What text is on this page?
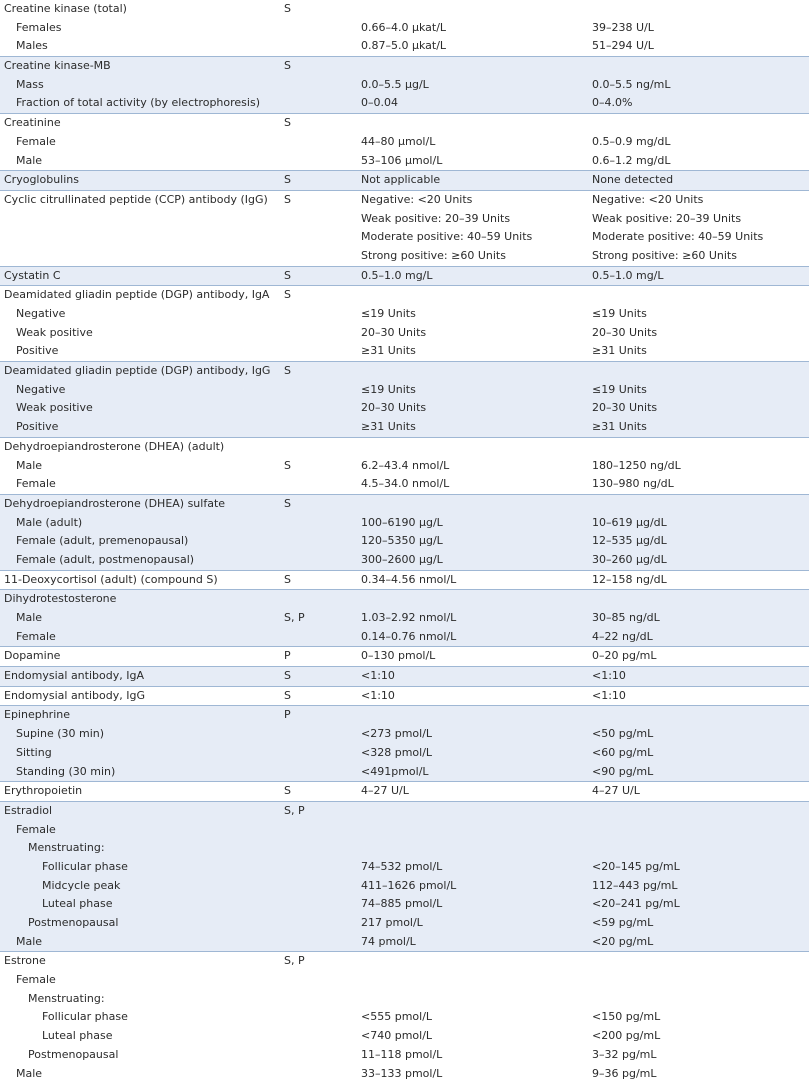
Creatine kinase (total)	S
Females	0.66–4.0 µkat/L	39–238 U/L
Males	0.87–5.0 µkat/L	51–294 U/L
Creatine kinase-MB	S
Mass	0.0–5.5 µg/L	0.0–5.5 ng/mL
Fraction of total activity (by electrophoresis)	0–0.04	0–4.0%
Creatinine	S
Female	44–80 µmol/L	0.5–0.9 mg/dL
Male	53–106 µmol/L	0.6–1.2 mg/dL
Cryoglobulins	S	Not applicable	None detected
Cyclic citrullinated peptide (CCP) antibody (IgG)	S	Negative: <20 Units	Negative: <20 Units
Weak positive: 20–39 Units	Weak positive: 20–39 Units
Moderate positive: 40–59 Units	Moderate positive: 40–59 Units
Strong positive: ≥60 Units	Strong positive: ≥60 Units
Cystatin C	S	0.5–1.0 mg/L	0.5–1.0 mg/L
Deamidated gliadin peptide (DGP) antibody, IgA	S
Negative	≤19 Units	≤19 Units
Weak positive	20–30 Units	20–30 Units
Positive	≥31 Units	≥31 Units
Deamidated gliadin peptide (DGP) antibody, IgG	S
Negative	≤19 Units	≤19 Units
Weak positive	20–30 Units	20–30 Units
Positive	≥31 Units	≥31 Units
Dehydroepiandrosterone (DHEA) (adult)
Male	S	6.2–43.4 nmol/L	180–1250 ng/dL
Female	4.5–34.0 nmol/L	130–980 ng/dL
Dehydroepiandrosterone (DHEA) sulfate	S
Male (adult)	100–6190 µg/L	10–619 µg/dL
Female (adult, premenopausal)	120–5350 µg/L	12–535 µg/dL
Female (adult, postmenopausal)	300–2600 µg/L	30–260 µg/dL
11-Deoxycortisol (adult) (compound S)	S	0.34–4.56 nmol/L	12–158 ng/dL
Dihydrotestosterone
Male	S, P	1.03–2.92 nmol/L	30–85 ng/dL
Female	0.14–0.76 nmol/L	4–22 ng/dL
Dopamine	P	0–130 pmol/L	0–20 pg/mL
Endomysial antibody, IgA	S	<1:10	<1:10
Endomysial antibody, IgG	S	<1:10	<1:10
Epinephrine	P
Supine (30 min)	<273 pmol/L	<50 pg/mL
Sitting	<328 pmol/L	<60 pg/mL
Standing (30 min)	<491pmol/L	<90 pg/mL
Erythropoietin	S	4–27 U/L	4–27 U/L
Estradiol	S, P
Female
Menstruating:
Follicular phase	74–532 pmol/L	<20–145 pg/mL
Midcycle peak	411–1626 pmol/L	112–443 pg/mL
Luteal phase	74–885 pmol/L	<20–241 pg/mL
Postmenopausal	217 pmol/L	<59 pg/mL
Male	74 pmol/L	<20 pg/mL
Estrone	S, P
Female
Menstruating:
Follicular phase	<555 pmol/L	<150 pg/mL
Luteal phase	<740 pmol/L	<200 pg/mL
Postmenopausal	11–118 pmol/L	3–32 pg/mL
Male	33–133 pmol/L	9–36 pg/mL
